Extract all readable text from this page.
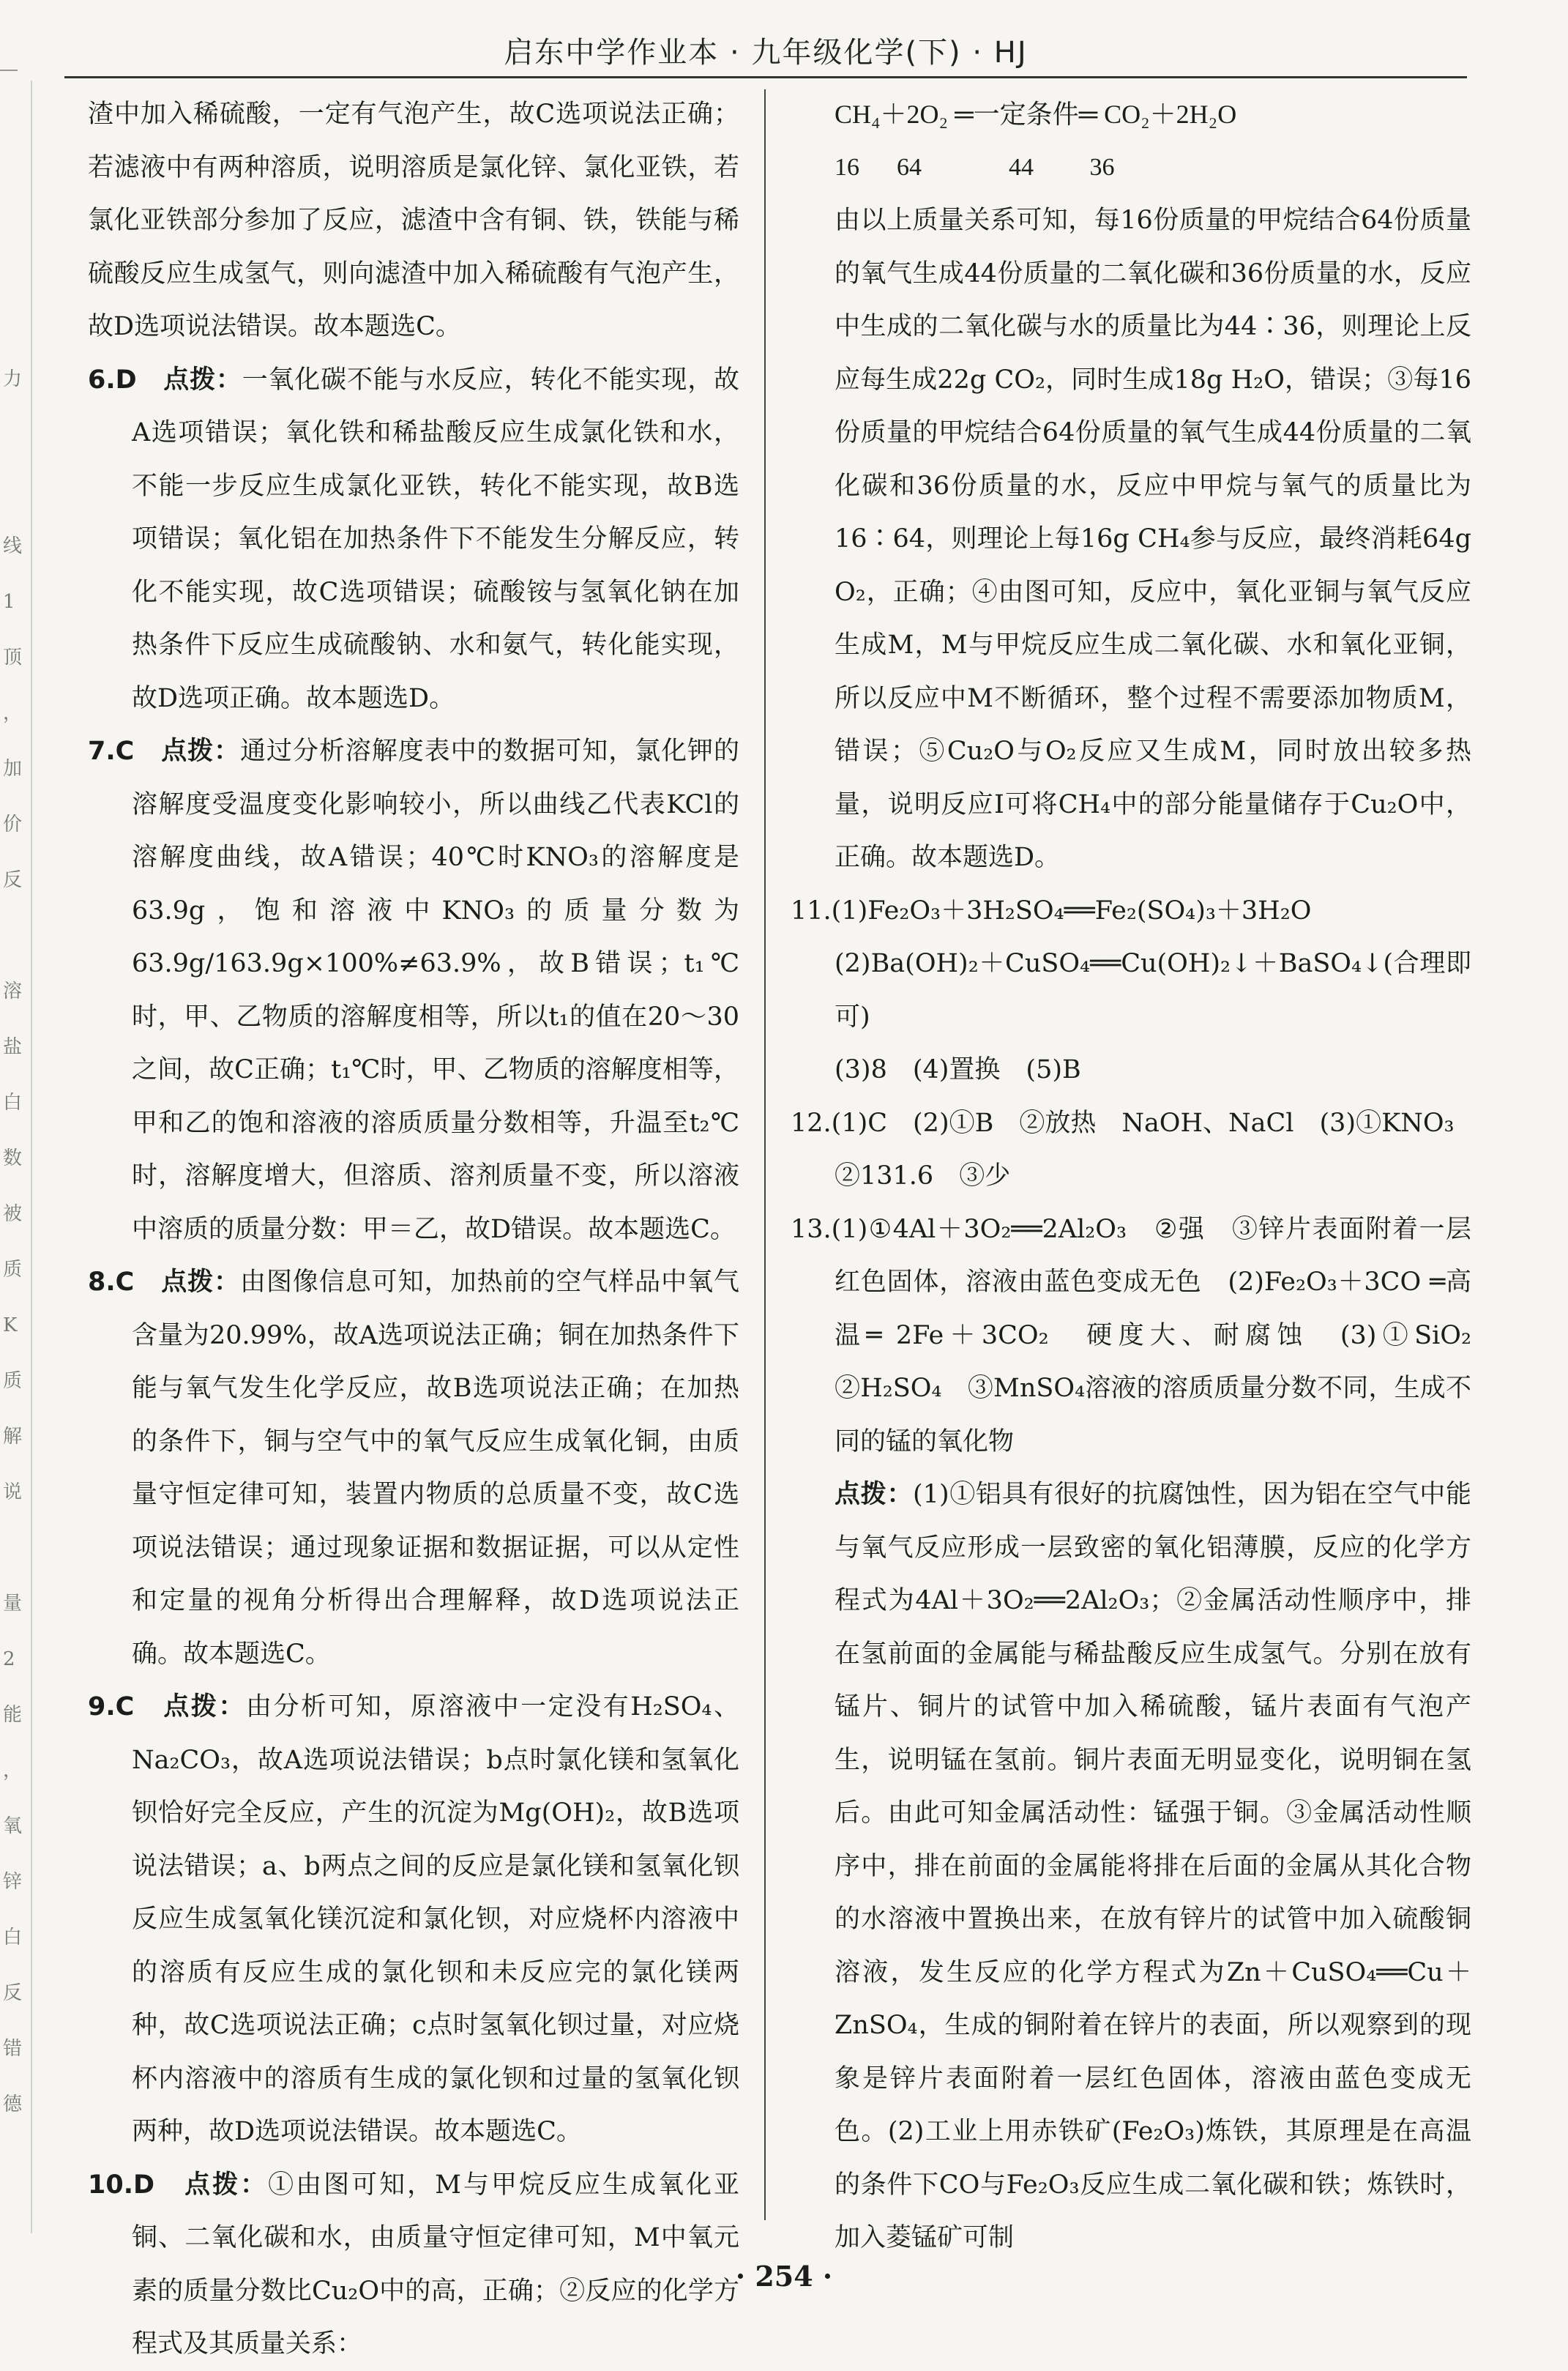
力

线
1
顶
，
加
价
反

溶
盐
白
数
被
质
K
质
解
说

量
2
能
，
氧
锌
白
反
错
德
启东中学作业本 · 九年级化学(下) · HJ
渣中加入稀硫酸，一定有气泡产生，故C选项说法正确；若滤液中有两种溶质，说明溶质是氯化锌、氯化亚铁，若氯化亚铁部分参加了反应，滤渣中含有铜、铁，铁能与稀硫酸反应生成氢气，则向滤渣中加入稀硫酸有气泡产生，故D选项说法错误。故本题选C。
6.D　点拨：一氧化碳不能与水反应，转化不能实现，故A选项错误；氧化铁和稀盐酸反应生成氯化铁和水，不能一步反应生成氯化亚铁，转化不能实现，故B选项错误；氧化铝在加热条件下不能发生分解反应，转化不能实现，故C选项错误；硫酸铵与氢氧化钠在加热条件下反应生成硫酸钠、水和氨气，转化能实现，故D选项正确。故本题选D。
7.C　点拨：通过分析溶解度表中的数据可知，氯化钾的溶解度受温度变化影响较小，所以曲线乙代表KCl的溶解度曲线，故A错误；40℃时KNO₃的溶解度是63.9g，饱和溶液中KNO₃的质量分数为63.9g/163.9g×100%≠63.9%，故B错误；t₁℃时，甲、乙物质的溶解度相等，所以t₁的值在20～30之间，故C正确；t₁℃时，甲、乙物质的溶解度相等，甲和乙的饱和溶液的溶质质量分数相等，升温至t₂℃时，溶解度增大，但溶质、溶剂质量不变，所以溶液中溶质的质量分数：甲＝乙，故D错误。故本题选C。
8.C　点拨：由图像信息可知，加热前的空气样品中氧气含量为20.99%，故A选项说法正确；铜在加热条件下能与氧气发生化学反应，故B选项说法正确；在加热的条件下，铜与空气中的氧气反应生成氧化铜，由质量守恒定律可知，装置内物质的总质量不变，故C选项说法错误；通过现象证据和数据证据，可以从定性和定量的视角分析得出合理解释，故D选项说法正确。故本题选C。
9.C　点拨：由分析可知，原溶液中一定没有H₂SO₄、Na₂CO₃，故A选项说法错误；b点时氯化镁和氢氧化钡恰好完全反应，产生的沉淀为Mg(OH)₂，故B选项说法错误；a、b两点之间的反应是氯化镁和氢氧化钡反应生成氢氧化镁沉淀和氯化钡，对应烧杯内溶液中的溶质有反应生成的氯化钡和未反应完的氯化镁两种，故C选项说法正确；c点时氢氧化钡过量，对应烧杯内溶液中的溶质有生成的氯化钡和过量的氢氧化钡两种，故D选项说法错误。故本题选C。
10.D　点拨：①由图可知，M与甲烷反应生成氧化亚铜、二氧化碳和水，由质量守恒定律可知，M中氧元素的质量分数比Cu₂O中的高，正确；②反应的化学方程式及其质量关系：
CH₄＋2O₂ ═一定条件═ CO₂＋2H₂O
16      64              44         36
由以上质量关系可知，每16份质量的甲烷结合64份质量的氧气生成44份质量的二氧化碳和36份质量的水，反应中生成的二氧化碳与水的质量比为44∶36，则理论上反应每生成22g CO₂，同时生成18g H₂O，错误；③每16份质量的甲烷结合64份质量的氧气生成44份质量的二氧化碳和36份质量的水，反应中甲烷与氧气的质量比为16∶64，则理论上每16g CH₄参与反应，最终消耗64g O₂，正确；④由图可知，反应中，氧化亚铜与氧气反应生成M，M与甲烷反应生成二氧化碳、水和氧化亚铜，所以反应中M不断循环，整个过程不需要添加物质M，错误；⑤Cu₂O与O₂反应又生成M，同时放出较多热量，说明反应Ⅰ可将CH₄中的部分能量储存于Cu₂O中，正确。故本题选D。
11.(1)Fe₂O₃＋3H₂SO₄══Fe₂(SO₄)₃＋3H₂O
(2)Ba(OH)₂＋CuSO₄══Cu(OH)₂↓＋BaSO₄↓(合理即可)
(3)8　(4)置换　(5)B
12.(1)C　(2)①B　②放热　NaOH、NaCl　(3)①KNO₃
②131.6　③少
13.(1)①4Al＋3O₂══2Al₂O₃　②强　③锌片表面附着一层红色固体，溶液由蓝色变成无色　(2)Fe₂O₃＋3CO ═高温═ 2Fe＋3CO₂　硬度大、耐腐蚀　(3)①SiO₂　②H₂SO₄　③MnSO₄溶液的溶质质量分数不同，生成不同的锰的氧化物
点拨：(1)①铝具有很好的抗腐蚀性，因为铝在空气中能与氧气反应形成一层致密的氧化铝薄膜，反应的化学方程式为4Al＋3O₂══2Al₂O₃；②金属活动性顺序中，排在氢前面的金属能与稀盐酸反应生成氢气。分别在放有锰片、铜片的试管中加入稀硫酸，锰片表面有气泡产生，说明锰在氢前。铜片表面无明显变化，说明铜在氢后。由此可知金属活动性：锰强于铜。③金属活动性顺序中，排在前面的金属能将排在后面的金属从其化合物的水溶液中置换出来，在放有锌片的试管中加入硫酸铜溶液，发生反应的化学方程式为Zn＋CuSO₄══Cu＋ZnSO₄，生成的铜附着在锌片的表面，所以观察到的现象是锌片表面附着一层红色固体，溶液由蓝色变成无色。(2)工业上用赤铁矿(Fe₂O₃)炼铁，其原理是在高温的条件下CO与Fe₂O₃反应生成二氧化碳和铁；炼铁时，加入菱锰矿可制
· 254 ·
